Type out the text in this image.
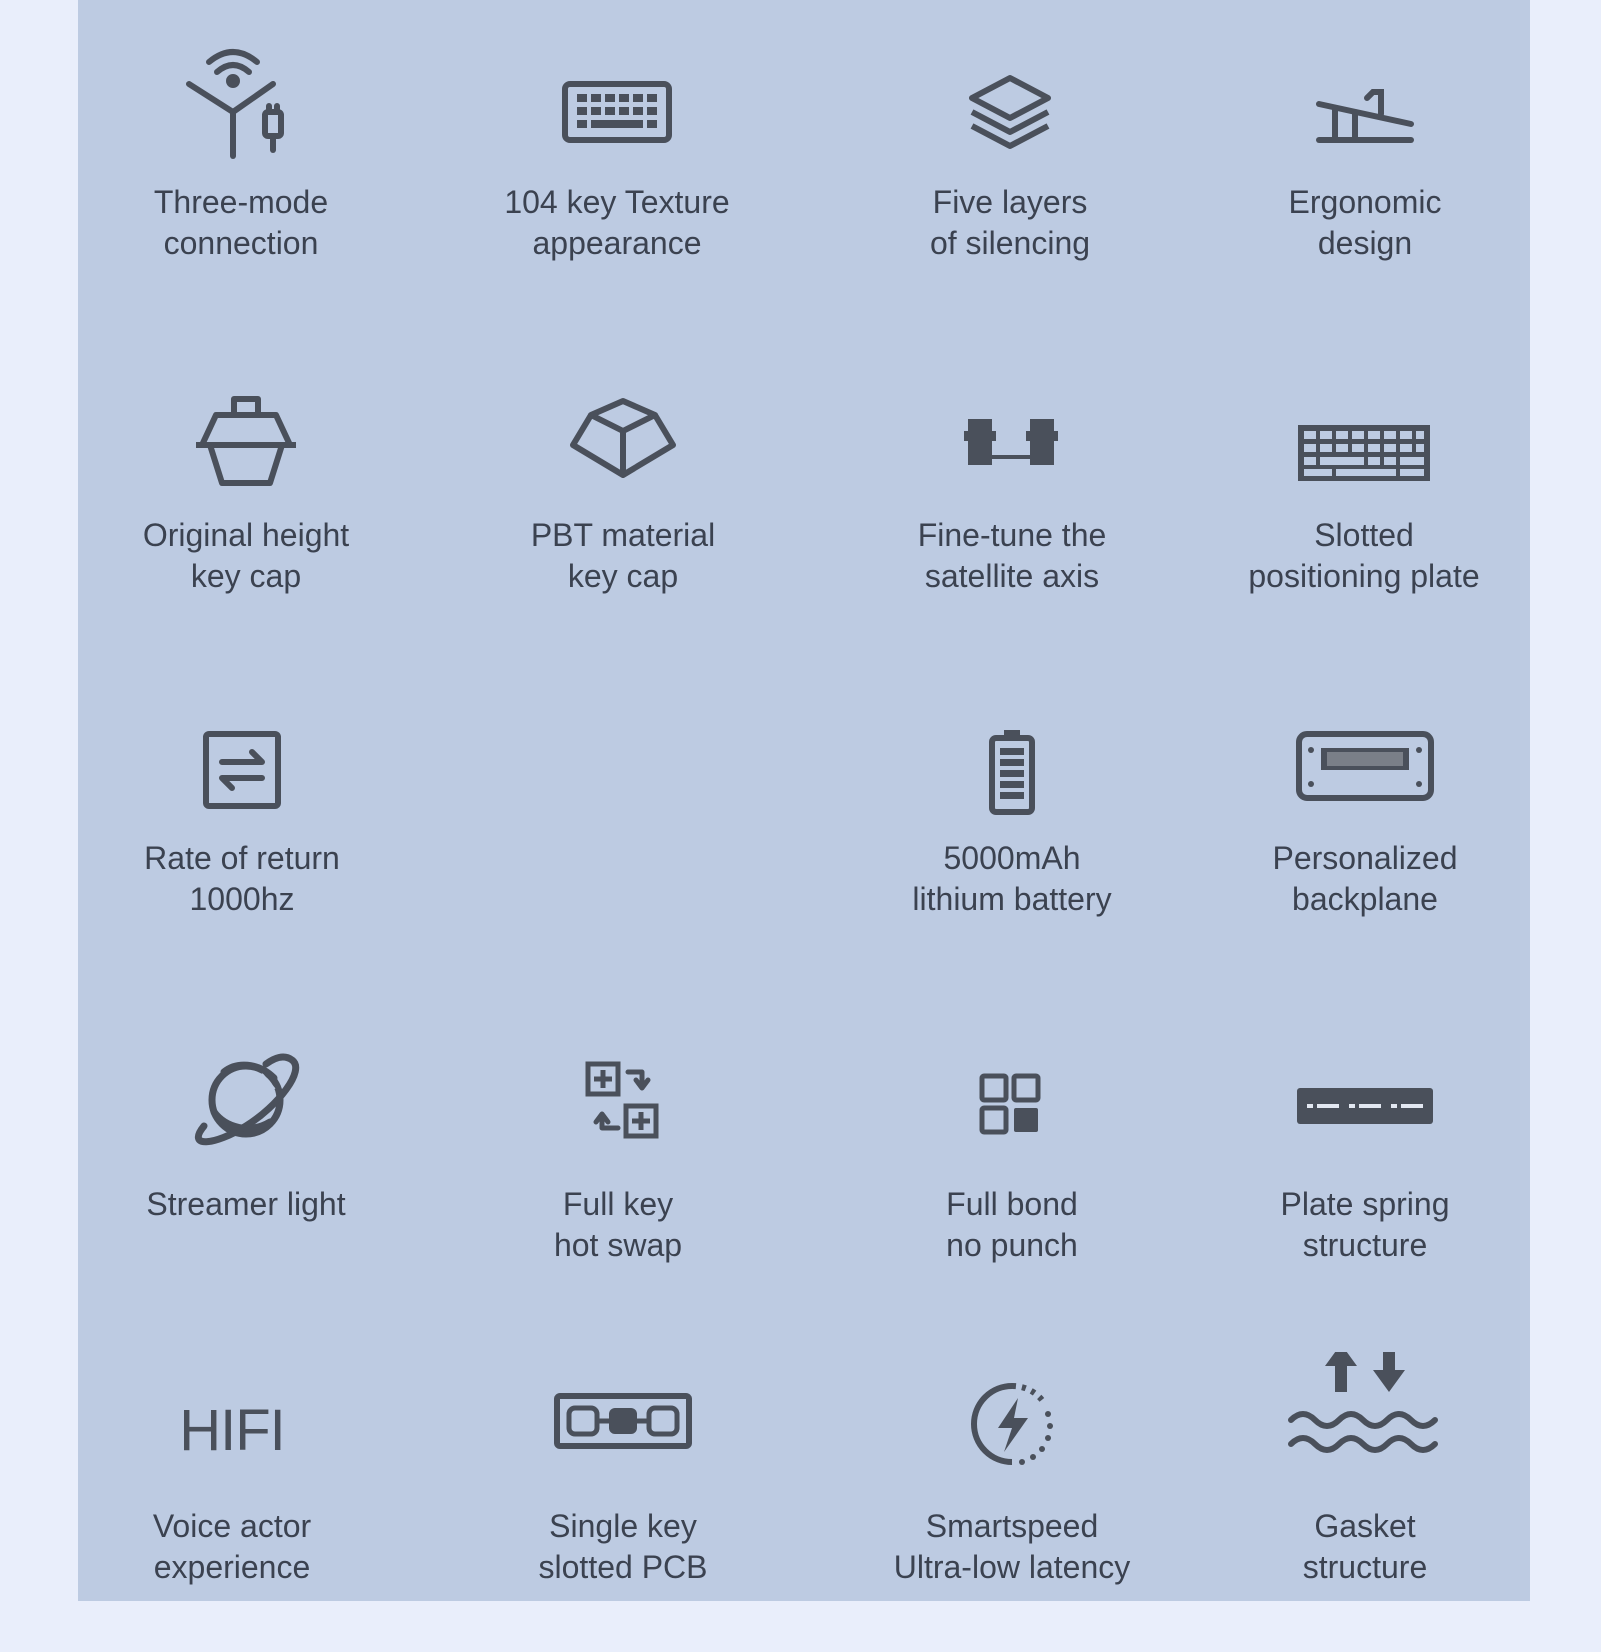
Three-mode
connection
104 key Texture
appearance
Five layers
of silencing
Ergonomic
design
Original height
key cap
PBT material
key cap
Fine-tune the
satellite axis
Slotted
positioning plate
Rate of return
1000hz
5000mAh
lithium battery
Personalized
backplane
Streamer light	Full key
hot swap
Full bond
no punch
Plate spring
structure
HIFI
Voice actor
experience
Single key
slotted PCB
Smartspeed
Ultra-low latency
Gasket
structure
